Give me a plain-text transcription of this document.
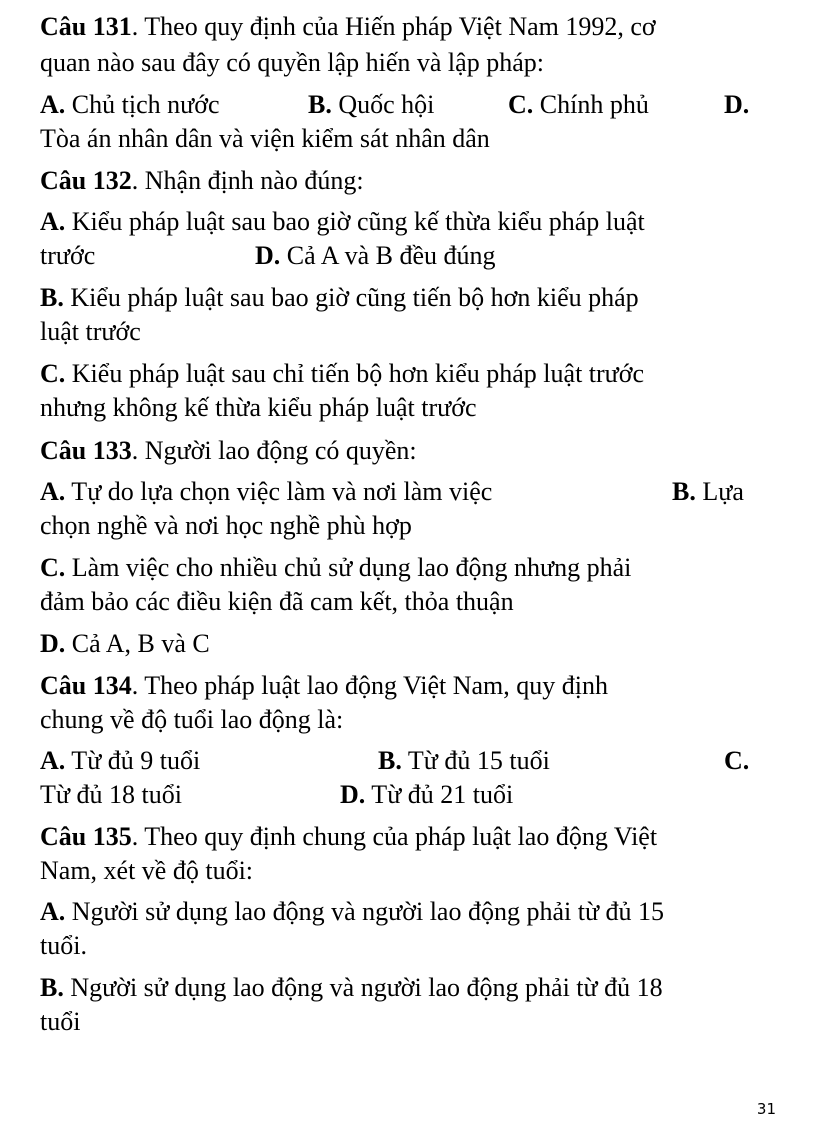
Câu 131. Theo quy định của Hiến pháp Việt Nam 1992, cơ
quan nào sau đây có quyền lập hiến và lập pháp:
A. Chủ tịch nước	B. Quốc hội	C. Chính phủ	D.
Tòa án nhân dân và viện kiểm sát nhân dân
Câu 132. Nhận định nào đúng:
A. Kiểu pháp luật sau bao giờ cũng kế thừa kiểu pháp luật
trước	D. Cả A và B đều đúng
B. Kiểu pháp luật sau bao giờ cũng tiến bộ hơn kiểu pháp
luật trước
C. Kiểu pháp luật sau chỉ tiến bộ hơn kiểu pháp luật trước
nhưng không kế thừa kiểu pháp luật trước
Câu 133. Người lao động có quyền:
A. Tự do lựa chọn việc làm và nơi làm việc	B. Lựa
chọn nghề và nơi học nghề phù hợp
C. Làm việc cho nhiều chủ sử dụng lao động nhưng phải
đảm bảo các điều kiện đã cam kết, thỏa thuận
D. Cả A, B và C
Câu 134. Theo pháp luật lao động Việt Nam, quy định
chung về độ tuổi lao động là:
A. Từ đủ 9 tuổi	B. Từ đủ 15 tuổi	C.
Từ đủ 18 tuổi	D. Từ đủ 21 tuổi
Câu 135. Theo quy định chung của pháp luật lao động Việt
Nam, xét về độ tuổi:
A. Người sử dụng lao động và người lao động phải từ đủ 15
tuổi.
B. Người sử dụng lao động và người lao động phải từ đủ 18
tuổi
31
